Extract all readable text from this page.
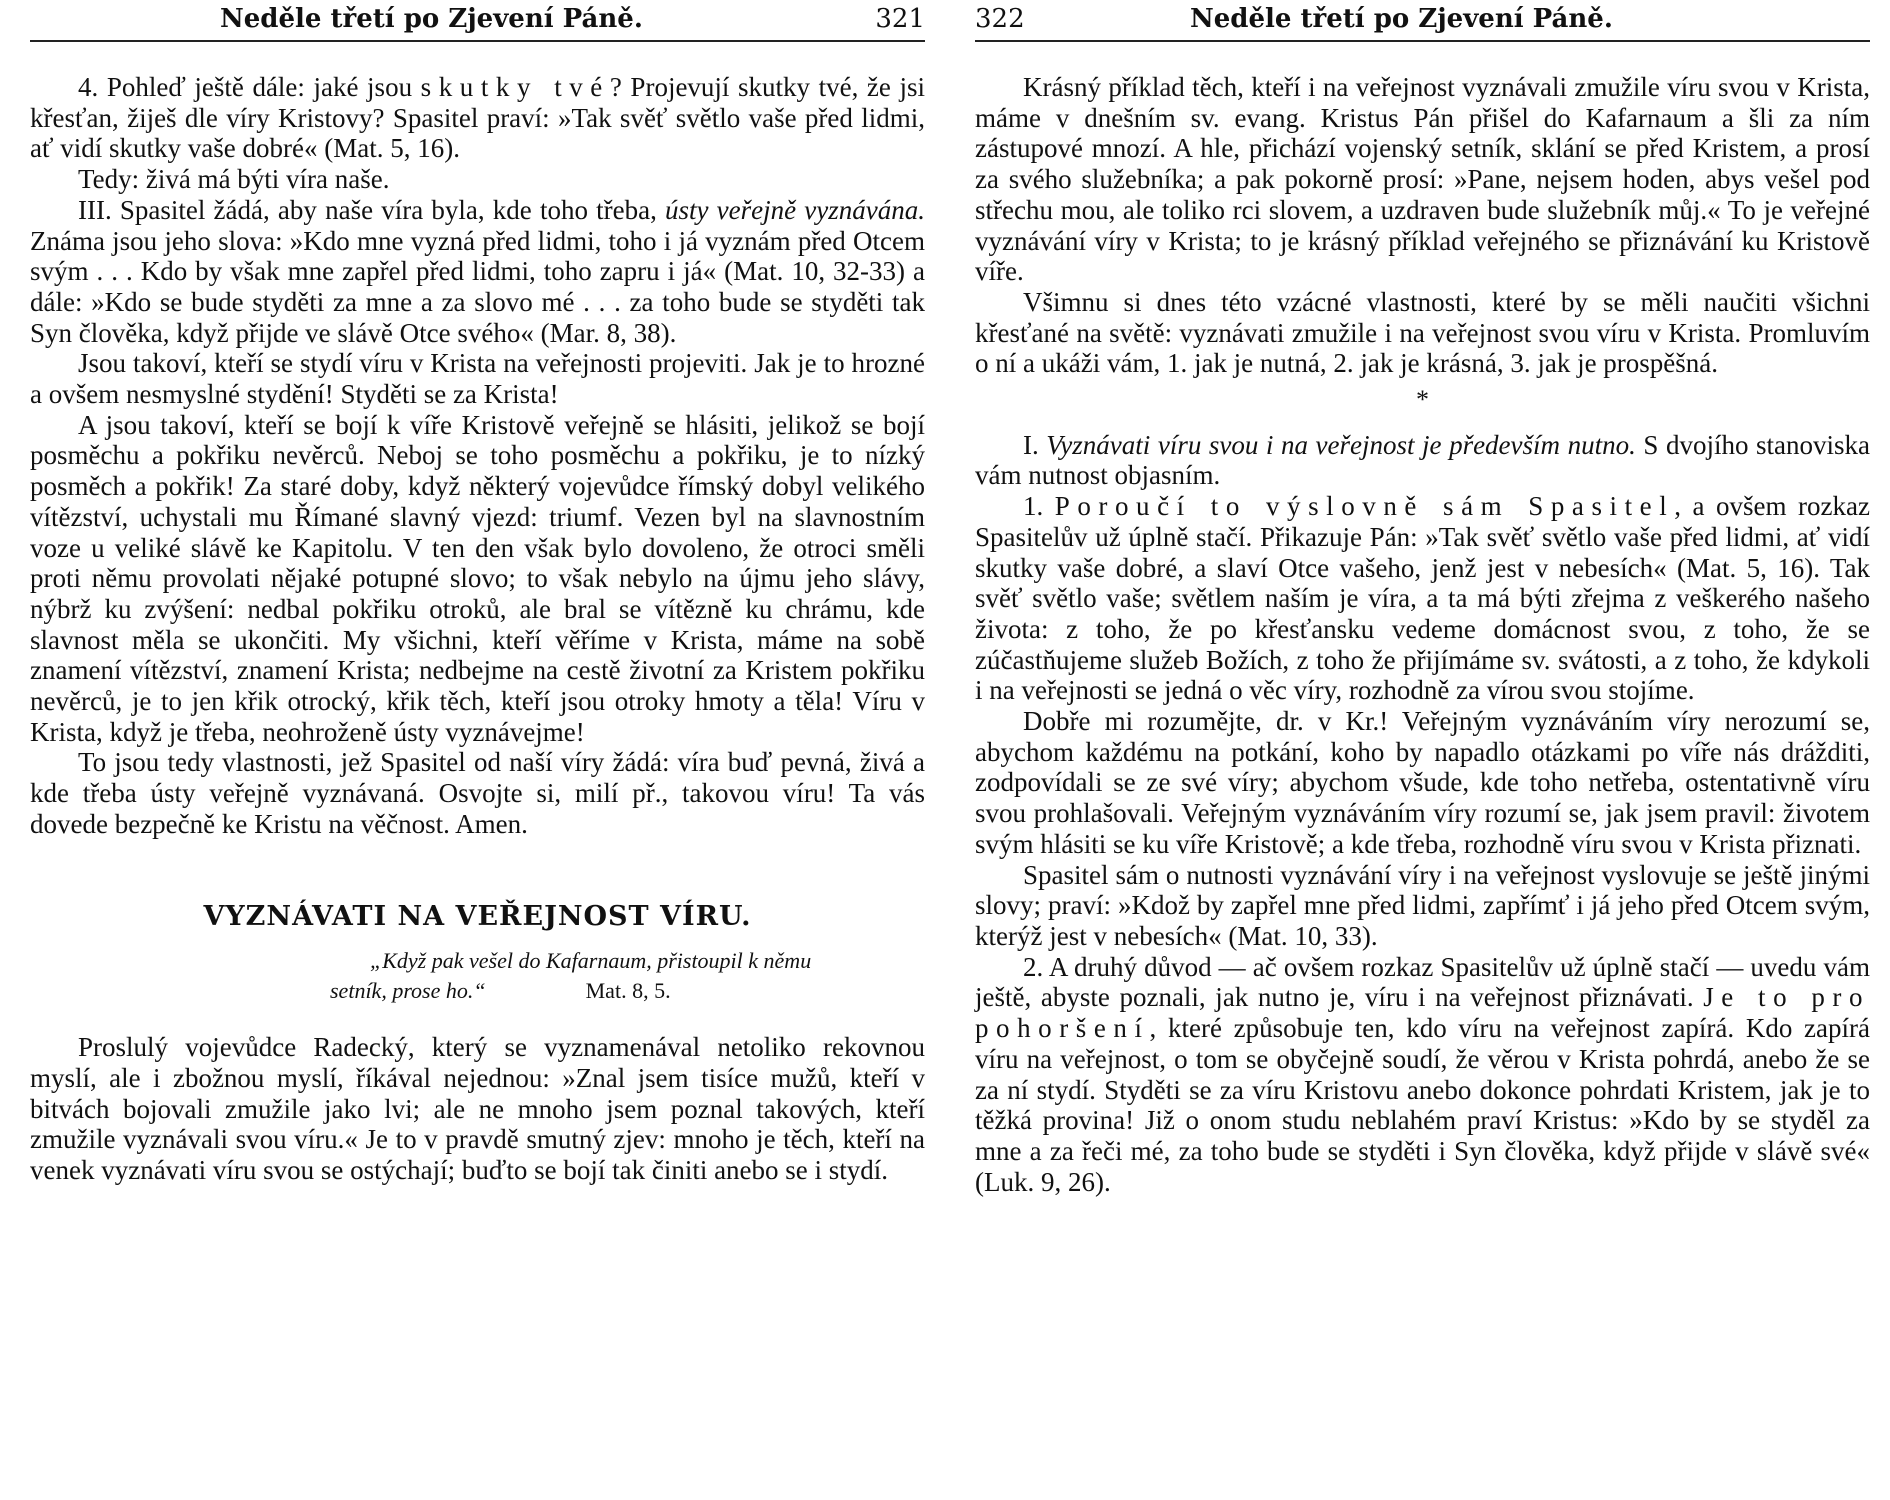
Neděle třetí po Zjevení Páně.	321

4. Pohleď ještě dále: jaké jsou skutky tvé? Projevují skutky tvé, že jsi křesťan, žiješ dle víry Kristovy? Spasitel praví: »Tak svěť světlo vaše před lidmi, ať vidí skutky vaše dobré« (Mat. 5, 16).

Tedy: živá má býti víra naše.

III. Spasitel žádá, aby naše víra byla, kde toho třeba, ústy veřejně vyznávána. Známa jsou jeho slova: »Kdo mne vyzná před lidmi, toho i já vyznám před Otcem svým . . . Kdo by však mne zapřel před lidmi, toho zapru i já« (Mat. 10, 32-33) a dále: »Kdo se bude styděti za mne a za slovo mé . . . za toho bude se styděti tak Syn člověka, když přijde ve slávě Otce svého« (Mar. 8, 38).

Jsou takoví, kteří se stydí víru v Krista na veřejnosti projeviti. Jak je to hrozné a ovšem nesmyslné stydění! Styděti se za Krista!

A jsou takoví, kteří se bojí k víře Kristově veřejně se hlásiti, jelikož se bojí posměchu a pokřiku nevěrců. Neboj se toho posměchu a pokřiku, je to nízký posměch a pokřik! Za staré doby, když některý vojevůdce římský dobyl velikého vítězství, uchystali mu Římané slavný vjezd: triumf. Vezen byl na slavnostním voze u veliké slávě ke Kapitolu. V ten den však bylo dovoleno, že otroci směli proti němu provolati nějaké potupné slovo; to však nebylo na újmu jeho slávy, nýbrž ku zvýšení: nedbal pokřiku otroků, ale bral se vítězně ku chrámu, kde slavnost měla se ukončiti. My všichni, kteří věříme v Krista, máme na sobě znamení vítězství, znamení Krista; nedbejme na cestě životní za Kristem pokřiku nevěrců, je to jen křik otrocký, křik těch, kteří jsou otroky hmoty a těla! Víru v Krista, když je třeba, neohroženě ústy vyznávejme!

To jsou tedy vlastnosti, jež Spasitel od naší víry žádá: víra buď pevná, živá a kde třeba ústy veřejně vyznávaná. Osvojte si, milí př., takovou víru! Ta vás dovede bezpečně ke Kristu na věčnost. Amen.

VYZNÁVATI NA VEŘEJNOST VÍRU.

„Když pak vešel do Kafarnaum, přistoupil k němu

setník, prose ho.“	Mat. 8, 5.

Proslulý vojevůdce Radecký, který se vyznamenával netoliko rekovnou myslí, ale i zbožnou myslí, říkával nejednou: »Znal jsem tisíce mužů, kteří v bitvách bojovali zmužile jako lvi; ale ne mnoho jsem poznal takových, kteří zmužile vyznávali svou víru.« Je to v pravdě smutný zjev: mnoho je těch, kteří na venek vyznávati víru svou se ostýchají; buďto se bojí tak činiti anebo se i stydí.

322	Neděle třetí po Zjevení Páně.

Krásný příklad těch, kteří i na veřejnost vyznávali zmužile víru svou v Krista, máme v dnešním sv. evang. Kristus Pán přišel do Kafarnaum a šli za ním zástupové mnozí. A hle, přichází vojenský setník, sklání se před Kristem, a prosí za svého služebníka; a pak pokorně prosí: »Pane, nejsem hoden, abys vešel pod střechu mou, ale toliko rci slovem, a uzdraven bude služebník můj.« To je veřejné vyznávání víry v Krista; to je krásný příklad veřejného se přiznávání ku Kristově víře.

Všimnu si dnes této vzácné vlastnosti, které by se měli naučiti všichni křesťané na světě: vyznávati zmužile i na veřejnost svou víru v Krista. Promluvím o ní a ukáži vám, 1. jak je nutná, 2. jak je krásná, 3. jak je prospěšná.

*

I. Vyznávati víru svou i na veřejnost je především nutno. S dvojího stanoviska vám nutnost objasním.

1. Poroučí to výslovně sám Spasitel, a ovšem rozkaz Spasitelův už úplně stačí. Přikazuje Pán: »Tak svěť světlo vaše před lidmi, ať vidí skutky vaše dobré, a slaví Otce vašeho, jenž jest v nebesích« (Mat. 5, 16). Tak svěť světlo vaše; světlem naším je víra, a ta má býti zřejma z veškerého našeho života: z toho, že po křesťansku vedeme domácnost svou, z toho, že se zúčastňujeme služeb Božích, z toho že přijímáme sv. svátosti, a z toho, že kdykoli i na veřejnosti se jedná o věc víry, rozhodně za vírou svou stojíme.

Dobře mi rozumějte, dr. v Kr.! Veřejným vyznáváním víry nerozumí se, abychom každému na potkání, koho by napadlo otázkami po víře nás drážditi, zodpovídali se ze své víry; abychom všude, kde toho netřeba, ostentativně víru svou prohlašovali. Veřejným vyznáváním víry rozumí se, jak jsem pravil: životem svým hlásiti se ku víře Kristově; a kde třeba, rozhodně víru svou v Krista přiznati.

Spasitel sám o nutnosti vyznávání víry i na veřejnost vyslovuje se ještě jinými slovy; praví: »Kdož by zapřel mne před lidmi, zapřímť i já jeho před Otcem svým, kterýž jest v nebesích« (Mat. 10, 33).

2. A druhý důvod — ač ovšem rozkaz Spasitelův už úplně stačí — uvedu vám ještě, abyste poznali, jak nutno je, víru i na veřejnost přiznávati. Je to pro pohoršení, které způsobuje ten, kdo víru na veřejnost zapírá. Kdo zapírá víru na veřejnost, o tom se obyčejně soudí, že věrou v Krista pohrdá, anebo že se za ní stydí. Styděti se za víru Kristovu anebo dokonce pohrdati Kristem, jak je to těžká provina! Již o onom studu neblahém praví Kristus: »Kdo by se styděl za mne a za řeči mé, za toho bude se styděti i Syn člověka, když přijde v slávě své« (Luk. 9, 26).
